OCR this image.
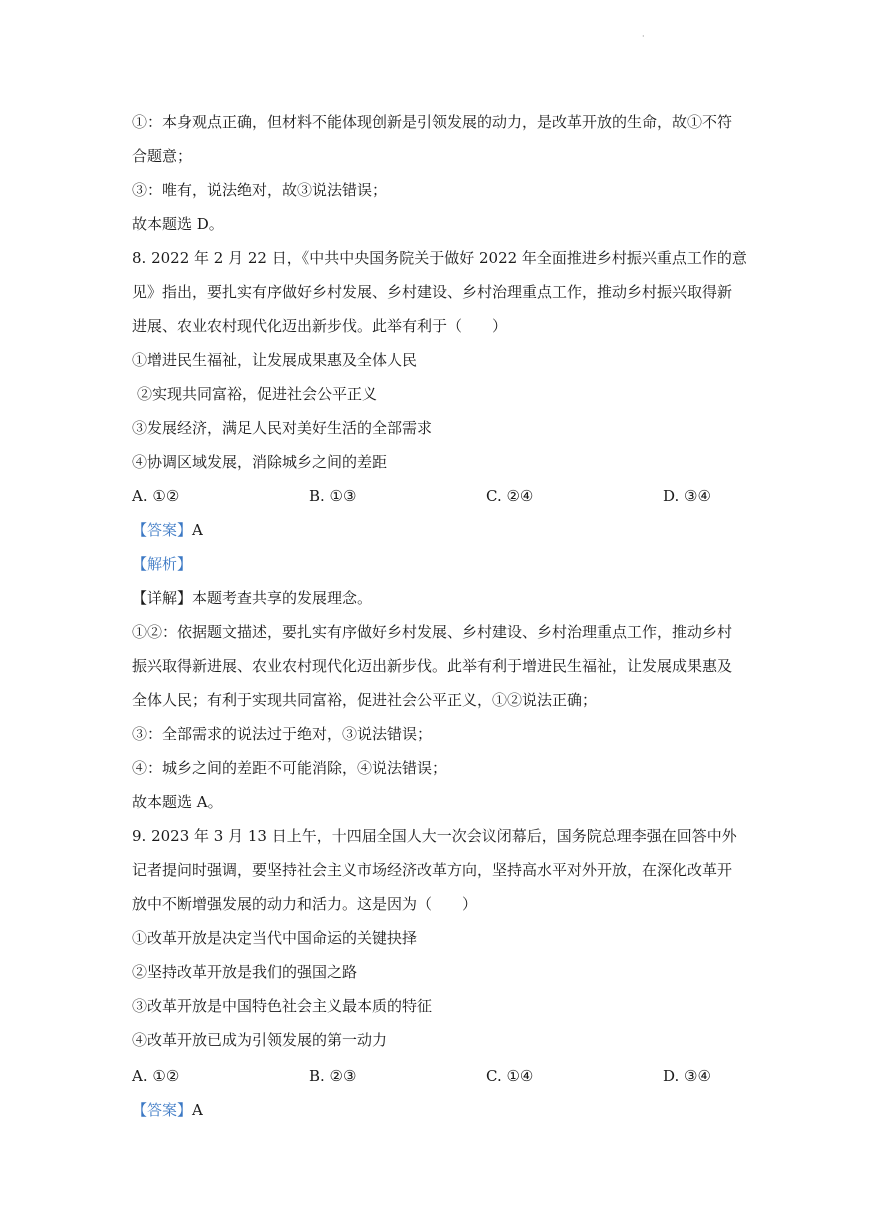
·
①：本身观点正确，但材料不能体现创新是引领发展的动力，是改革开放的生命，故①不符
合题意；
③：唯有，说法绝对，故③说法错误；
故本题选 D。
8. 2022 年 2 月 22 日，《中共中央国务院关于做好 2022 年全面推进乡村振兴重点工作的意
见》指出，要扎实有序做好乡村发展、乡村建设、乡村治理重点工作，推动乡村振兴取得新
进展、农业农村现代化迈出新步伐。此举有利于（　　）
①增进民生福祉，让发展成果惠及全体人民
②实现共同富裕，促进社会公平正义
③发展经济，满足人民对美好生活的全部需求
④协调区域发展，消除城乡之间的差距
A. ①②	B. ①③	C. ②④	D. ③④
【答案】A
【解析】
【详解】本题考查共享的发展理念。
①②：依据题文描述，要扎实有序做好乡村发展、乡村建设、乡村治理重点工作，推动乡村
振兴取得新进展、农业农村现代化迈出新步伐。此举有利于增进民生福祉，让发展成果惠及
全体人民；有利于实现共同富裕，促进社会公平正义，①②说法正确；
③：全部需求的说法过于绝对，③说法错误；
④：城乡之间的差距不可能消除，④说法错误；
故本题选 A。
9. 2023 年 3 月 13 日上午，十四届全国人大一次会议闭幕后，国务院总理李强在回答中外
记者提问时强调，要坚持社会主义市场经济改革方向，坚持高水平对外开放，在深化改革开
放中不断增强发展的动力和活力。这是因为（　　）
①改革开放是决定当代中国命运的关键抉择
②坚持改革开放是我们的强国之路
③改革开放是中国特色社会主义最本质的特征
④改革开放已成为引领发展的第一动力
A. ①②	B. ②③	C. ①④	D. ③④
【答案】A
